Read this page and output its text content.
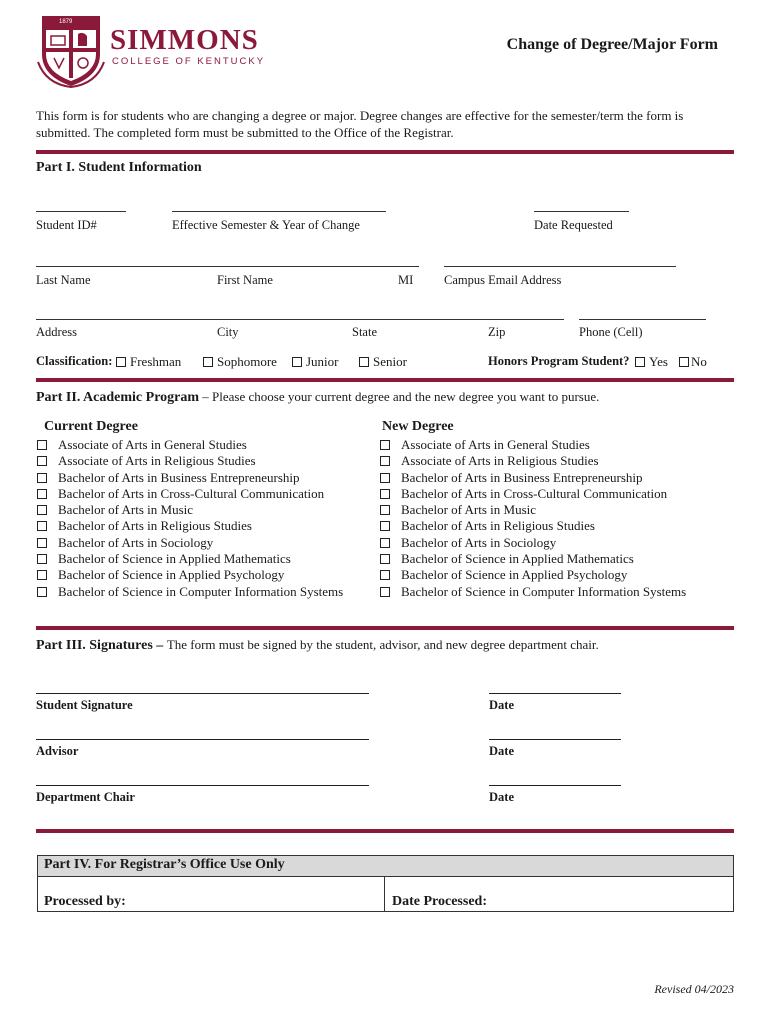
1879
SIMMONS
COLLEGE OF KENTUCKY
Change of Degree/Major Form
This form is for students who are changing a degree or major. Degree changes are effective for the semester/term the form is submitted. The completed form must be submitted to the Office of the Registrar.
Part I. Student Information
Student ID#	Effective Semester & Year of Change	Date Requested
Last Name	First Name	MI Campus Email Address
Address	City	State	Zip	Phone (Cell)
Classification:	Freshman	Sophomore	Junior	Senior	Honors Program Student?	Yes	No
Part II. Academic Program – Please choose your current degree and the new degree you want to pursue.
Current Degree	New Degree
Associate of Arts in General Studies
Associate of Arts in Religious Studies
Bachelor of Arts in Business Entrepreneurship
Bachelor of Arts in Cross-Cultural Communication
Bachelor of Arts in Music
Bachelor of Arts in Religious Studies
Bachelor of Arts in Sociology
Bachelor of Science in Applied Mathematics
Bachelor of Science in Applied Psychology
Bachelor of Science in Computer Information Systems
Associate of Arts in General Studies
Associate of Arts in Religious Studies
Bachelor of Arts in Business Entrepreneurship
Bachelor of Arts in Cross-Cultural Communication
Bachelor of Arts in Music
Bachelor of Arts in Religious Studies
Bachelor of Arts in Sociology
Bachelor of Science in Applied Mathematics
Bachelor of Science in Applied Psychology
Bachelor of Science in Computer Information Systems
Part III. Signatures – The form must be signed by the student, advisor, and new degree department chair.
Student Signature	Date
Advisor	Date
Department Chair	Date
Part IV. For Registrar’s Office Use Only
Processed by:	Date Processed:
Revised 04/2023
